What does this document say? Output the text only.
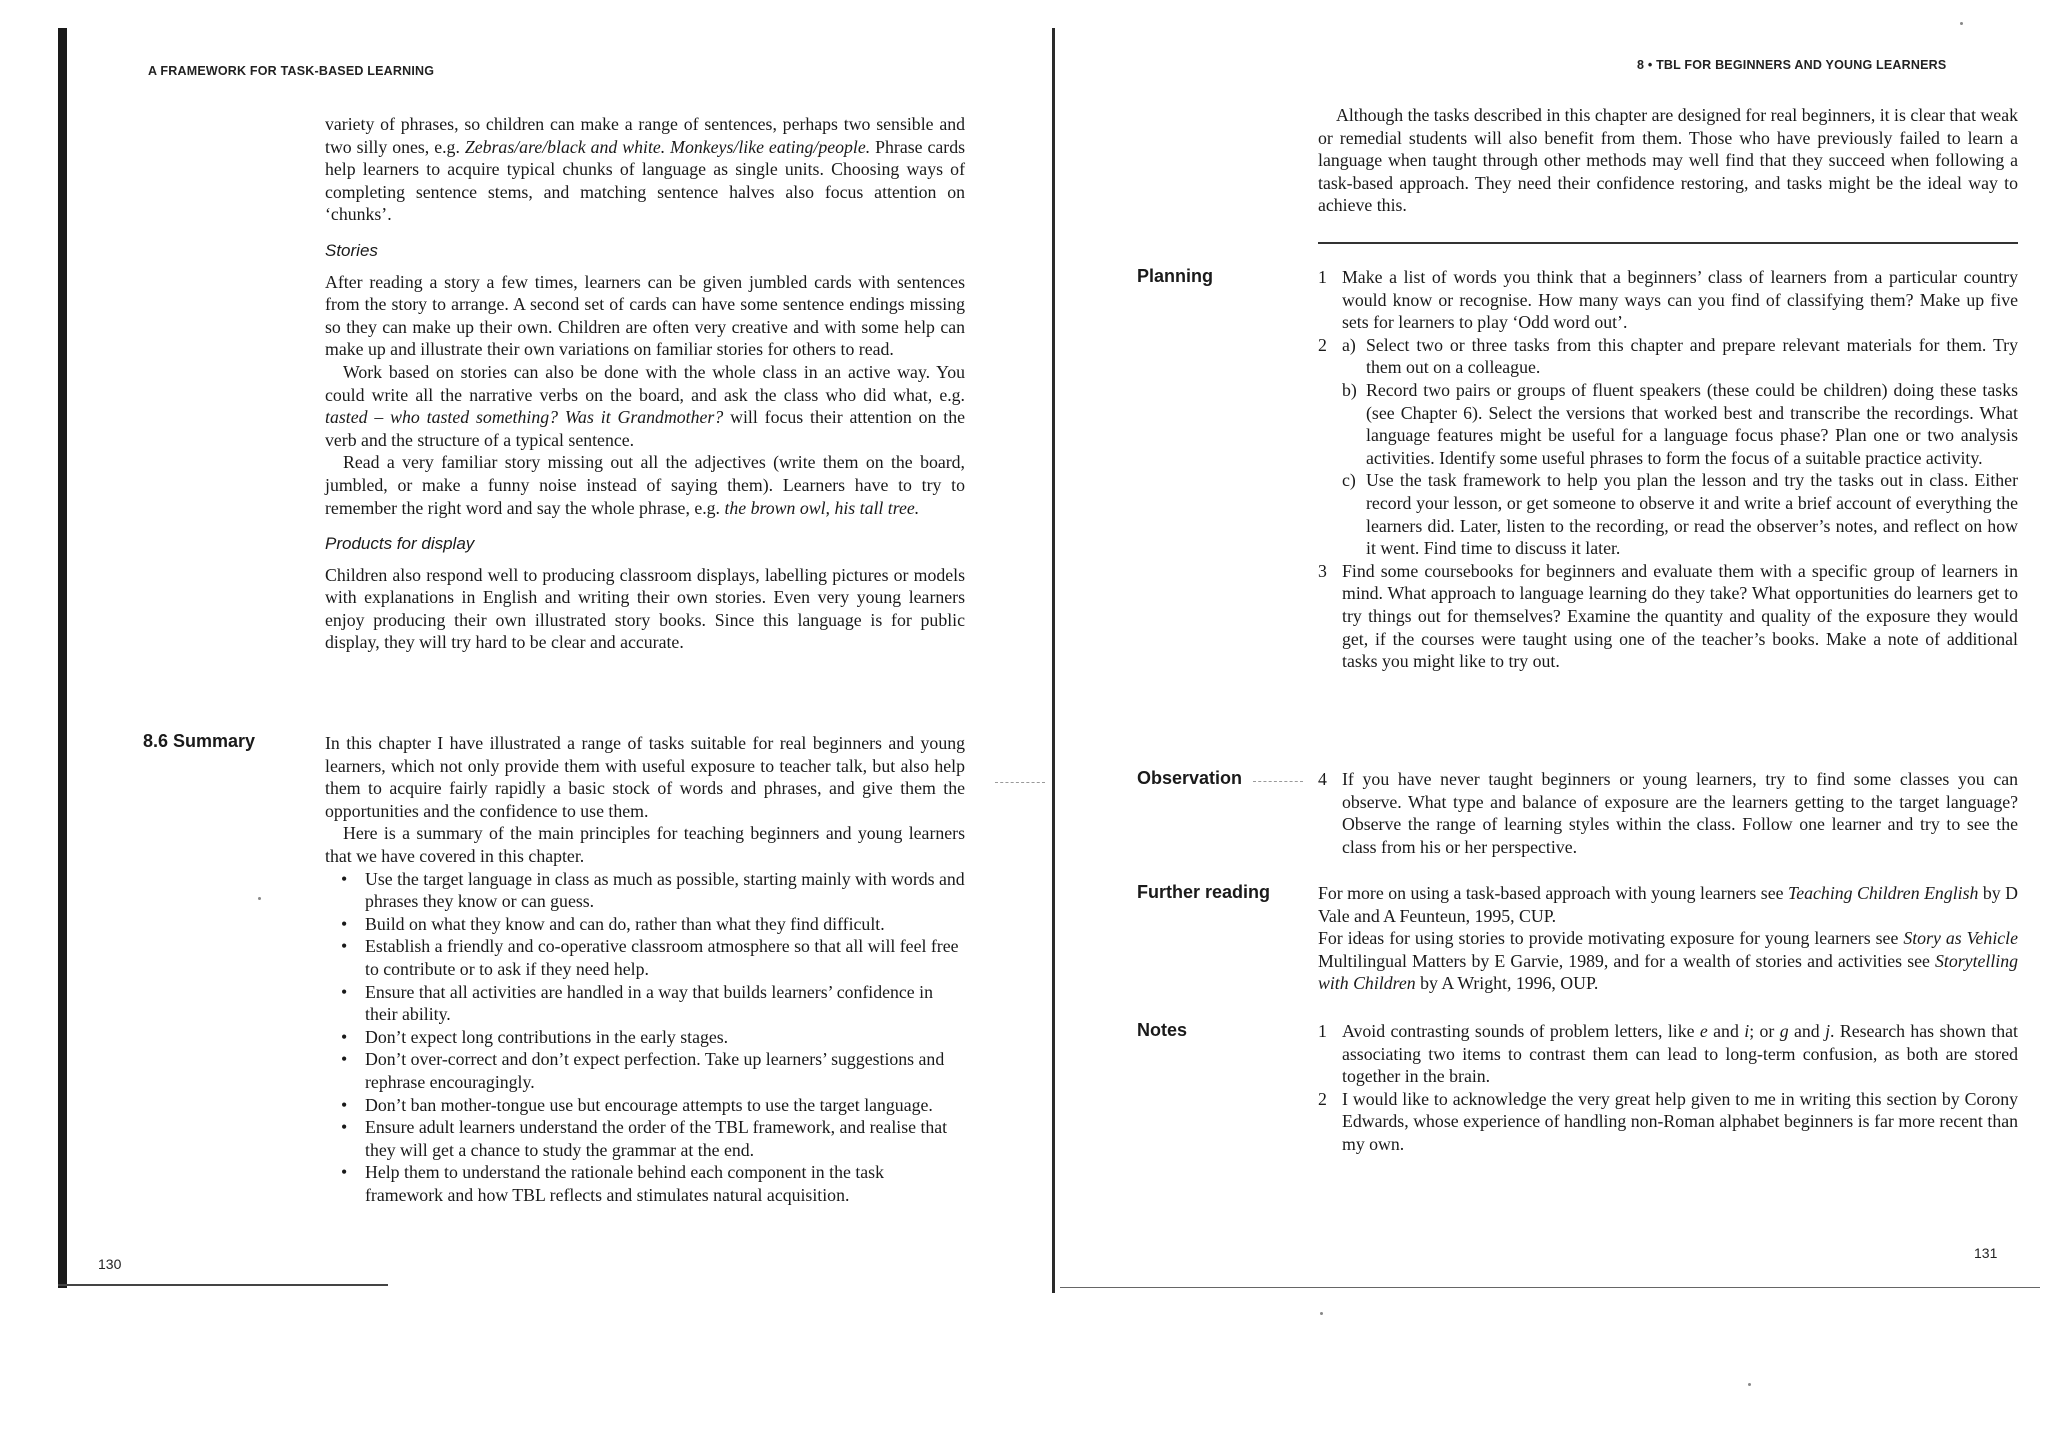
A FRAMEWORK FOR TASK-BASED LEARNING

variety of phrases, so children can make a range of sentences, perhaps two sensible and two silly ones, e.g. Zebras/are/black and white. Monkeys/like eating/people. Phrase cards help learners to acquire typical chunks of language as single units. Choosing ways of completing sentence stems, and matching sentence halves also focus attention on ‘chunks’.

Stories

After reading a story a few times, learners can be given jumbled cards with sentences from the story to arrange. A second set of cards can have some sentence endings missing so they can make up their own. Children are often very creative and with some help can make up and illustrate their own variations on familiar stories for others to read.

Work based on stories can also be done with the whole class in an active way. You could write all the narrative verbs on the board, and ask the class who did what, e.g. tasted – who tasted something? Was it Grandmother? will focus their attention on the verb and the structure of a typical sentence.

Read a very familiar story missing out all the adjectives (write them on the board, jumbled, or make a funny noise instead of saying them). Learners have to try to remember the right word and say the whole phrase, e.g. the brown owl, his tall tree.

Products for display

Children also respond well to producing classroom displays, labelling pictures or models with explanations in English and writing their own stories. Even very young learners enjoy producing their own illustrated story books. Since this language is for public display, they will try hard to be clear and accurate.

8.6 Summary	In this chapter I have illustrated a range of tasks suitable for real beginners and young learners, which not only provide them with useful exposure to teacher talk, but also help them to acquire fairly rapidly a basic stock of words and phrases, and give them the opportunities and the confidence to use them.

Here is a summary of the main principles for teaching beginners and young learners that we have covered in this chapter.

• Use the target language in class as much as possible, starting mainly with words and phrases they know or can guess.
• Build on what they know and can do, rather than what they find difficult.
• Establish a friendly and co-operative classroom atmosphere so that all will feel free to contribute or to ask if they need help.
• Ensure that all activities are handled in a way that builds learners’ confidence in their ability.
• Don’t expect long contributions in the early stages.
• Don’t over-correct and don’t expect perfection. Take up learners’ suggestions and rephrase encouragingly.
• Don’t ban mother-tongue use but encourage attempts to use the target language.
• Ensure adult learners understand the order of the TBL framework, and realise that they will get a chance to study the grammar at the end.
• Help them to understand the rationale behind each component in the task framework and how TBL reflects and stimulates natural acquisition.
130
8 • TBL FOR BEGINNERS AND YOUNG LEARNERS

Although the tasks described in this chapter are designed for real beginners, it is clear that weak or remedial students will also benefit from them. Those who have previously failed to learn a language when taught through other methods may well find that they succeed when following a task-based approach. They need their confidence restoring, and tasks might be the ideal way to achieve this.

Planning	1 Make a list of words you think that a beginners’ class of learners from a particular country would know or recognise. How many ways can you find of classifying them? Make up five sets for learners to play ‘Odd word out’.
2 a) Select two or three tasks from this chapter and prepare relevant materials for them. Try them out on a colleague.
b) Record two pairs or groups of fluent speakers (these could be children) doing these tasks (see Chapter 6). Select the versions that worked best and transcribe the recordings. What language features might be useful for a language focus phase? Plan one or two analysis activities. Identify some useful phrases to form the focus of a suitable practice activity.
c) Use the task framework to help you plan the lesson and try the tasks out in class. Either record your lesson, or get someone to observe it and write a brief account of everything the learners did. Later, listen to the recording, or read the observer’s notes, and reflect on how it went. Find time to discuss it later.
3 Find some coursebooks for beginners and evaluate them with a specific group of learners in mind. What approach to language learning do they take? What opportunities do learners get to try things out for themselves? Examine the quantity and quality of the exposure they would get, if the courses were taught using one of the teacher’s books. Make a note of additional tasks you might like to try out.
Observation	4 If you have never taught beginners or young learners, try to find some classes you can observe. What type and balance of exposure are the learners getting to the target language? Observe the range of learning styles within the class. Follow one learner and try to see the class from his or her perspective.
Further reading	For more on using a task-based approach with young learners see Teaching Children English by D Vale and A Feunteun, 1995, CUP.

For ideas for using stories to provide motivating exposure for young learners see Story as Vehicle Multilingual Matters by E Garvie, 1989, and for a wealth of stories and activities see Storytelling with Children by A Wright, 1996, OUP.

Notes	1 Avoid contrasting sounds of problem letters, like e and i; or g and j. Research has shown that associating two items to contrast them can lead to long-term confusion, as both are stored together in the brain.
2 I would like to acknowledge the very great help given to me in writing this section by Corony Edwards, whose experience of handling non-Roman alphabet beginners is far more recent than my own.
131
